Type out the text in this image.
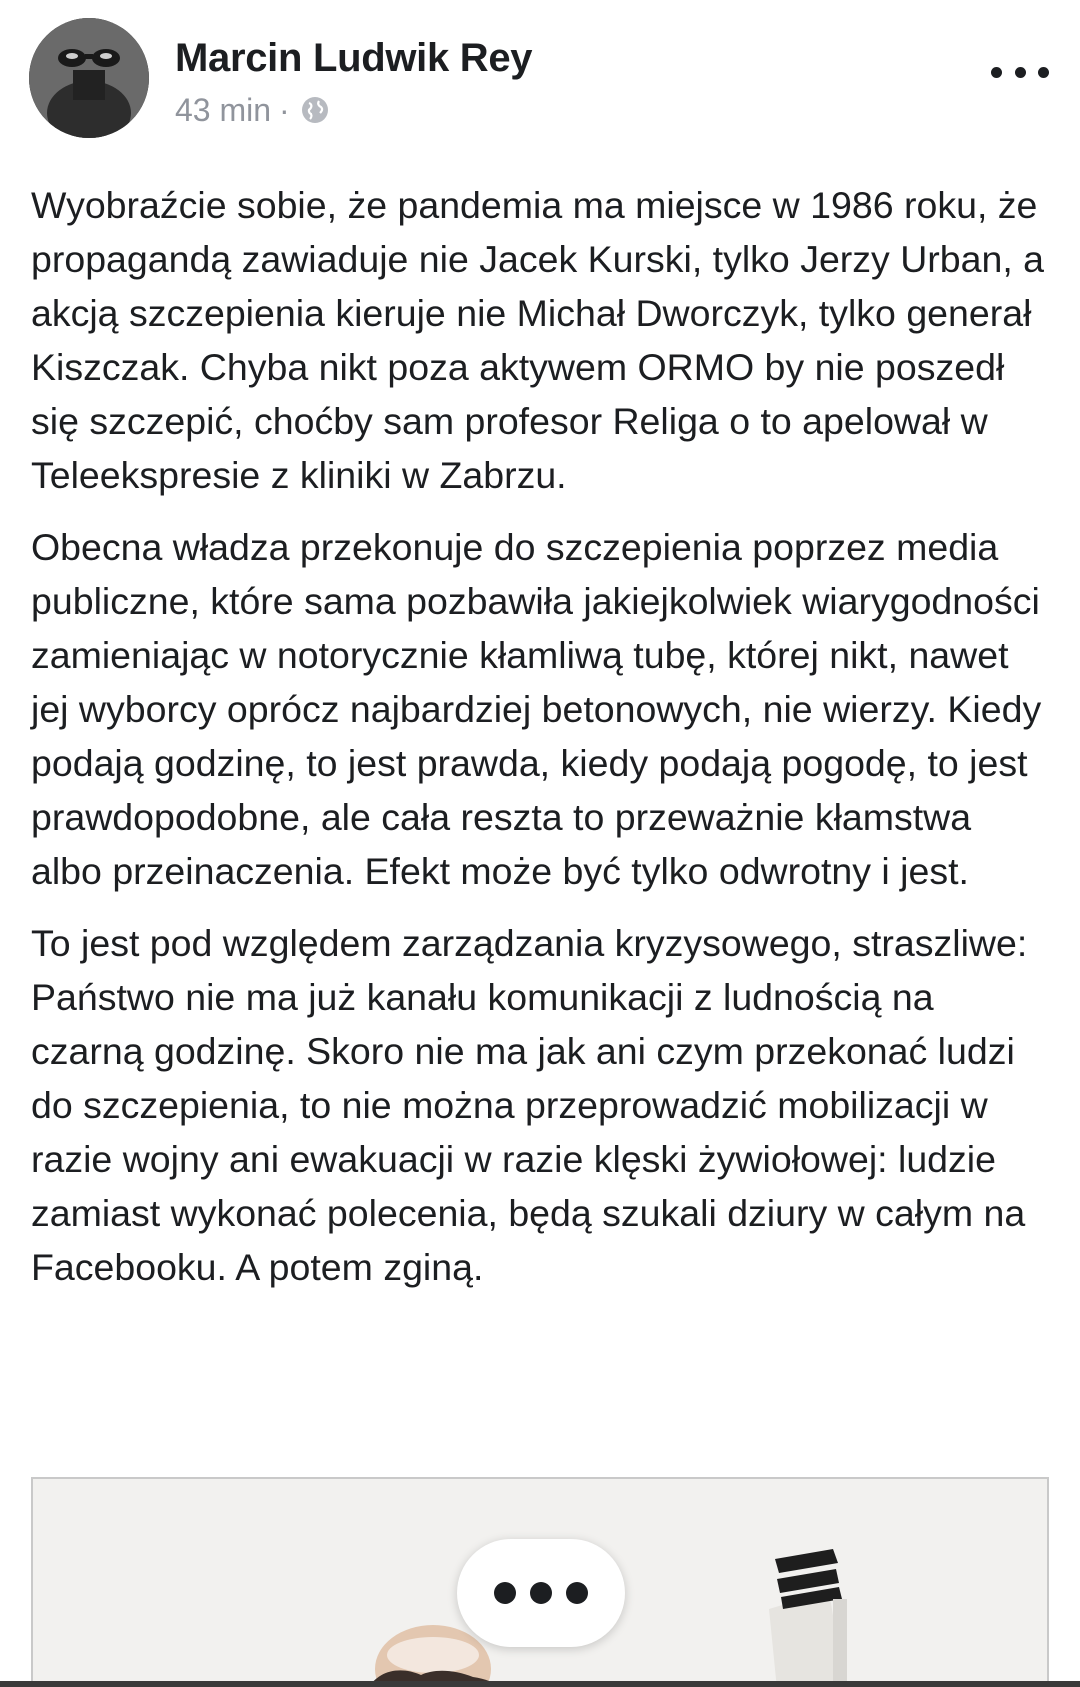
Marcin Ludwik Rey
43 min ·

Wyobraźcie sobie, że pandemia ma miejsce w 1986 roku, że propagandą zawiaduje nie Jacek Kurski, tylko Jerzy Urban, a akcją szczepienia kieruje nie Michał Dworczyk, tylko generał Kiszczak. Chyba nikt poza aktywem ORMO by nie poszedł się szczepić, choćby sam profesor Religa o to apelował w Teleekspresie z kliniki w Zabrzu.

Obecna władza przekonuje do szczepienia poprzez media publiczne, które sama pozbawiła jakiejkolwiek wiarygodności zamieniając w notorycznie kłamliwą tubę, której nikt, nawet jej wyborcy oprócz najbardziej betonowych, nie wierzy. Kiedy podają godzinę, to jest prawda, kiedy podają pogodę, to jest prawdopodobne, ale cała reszta to przeważnie kłamstwa albo przeinaczenia. Efekt może być tylko odwrotny i jest.

To jest pod względem zarządzania kryzysowego, straszliwe: Państwo nie ma już kanału komunikacji z ludnością na czarną godzinę. Skoro nie ma jak ani czym przekonać ludzi do szczepienia, to nie można przeprowadzić mobilizacji w razie wojny ani ewakuacji w razie klęski żywiołowej: ludzie zamiast wykonać polecenia, będą szukali dziury w całym na Facebooku. A potem zginą.
